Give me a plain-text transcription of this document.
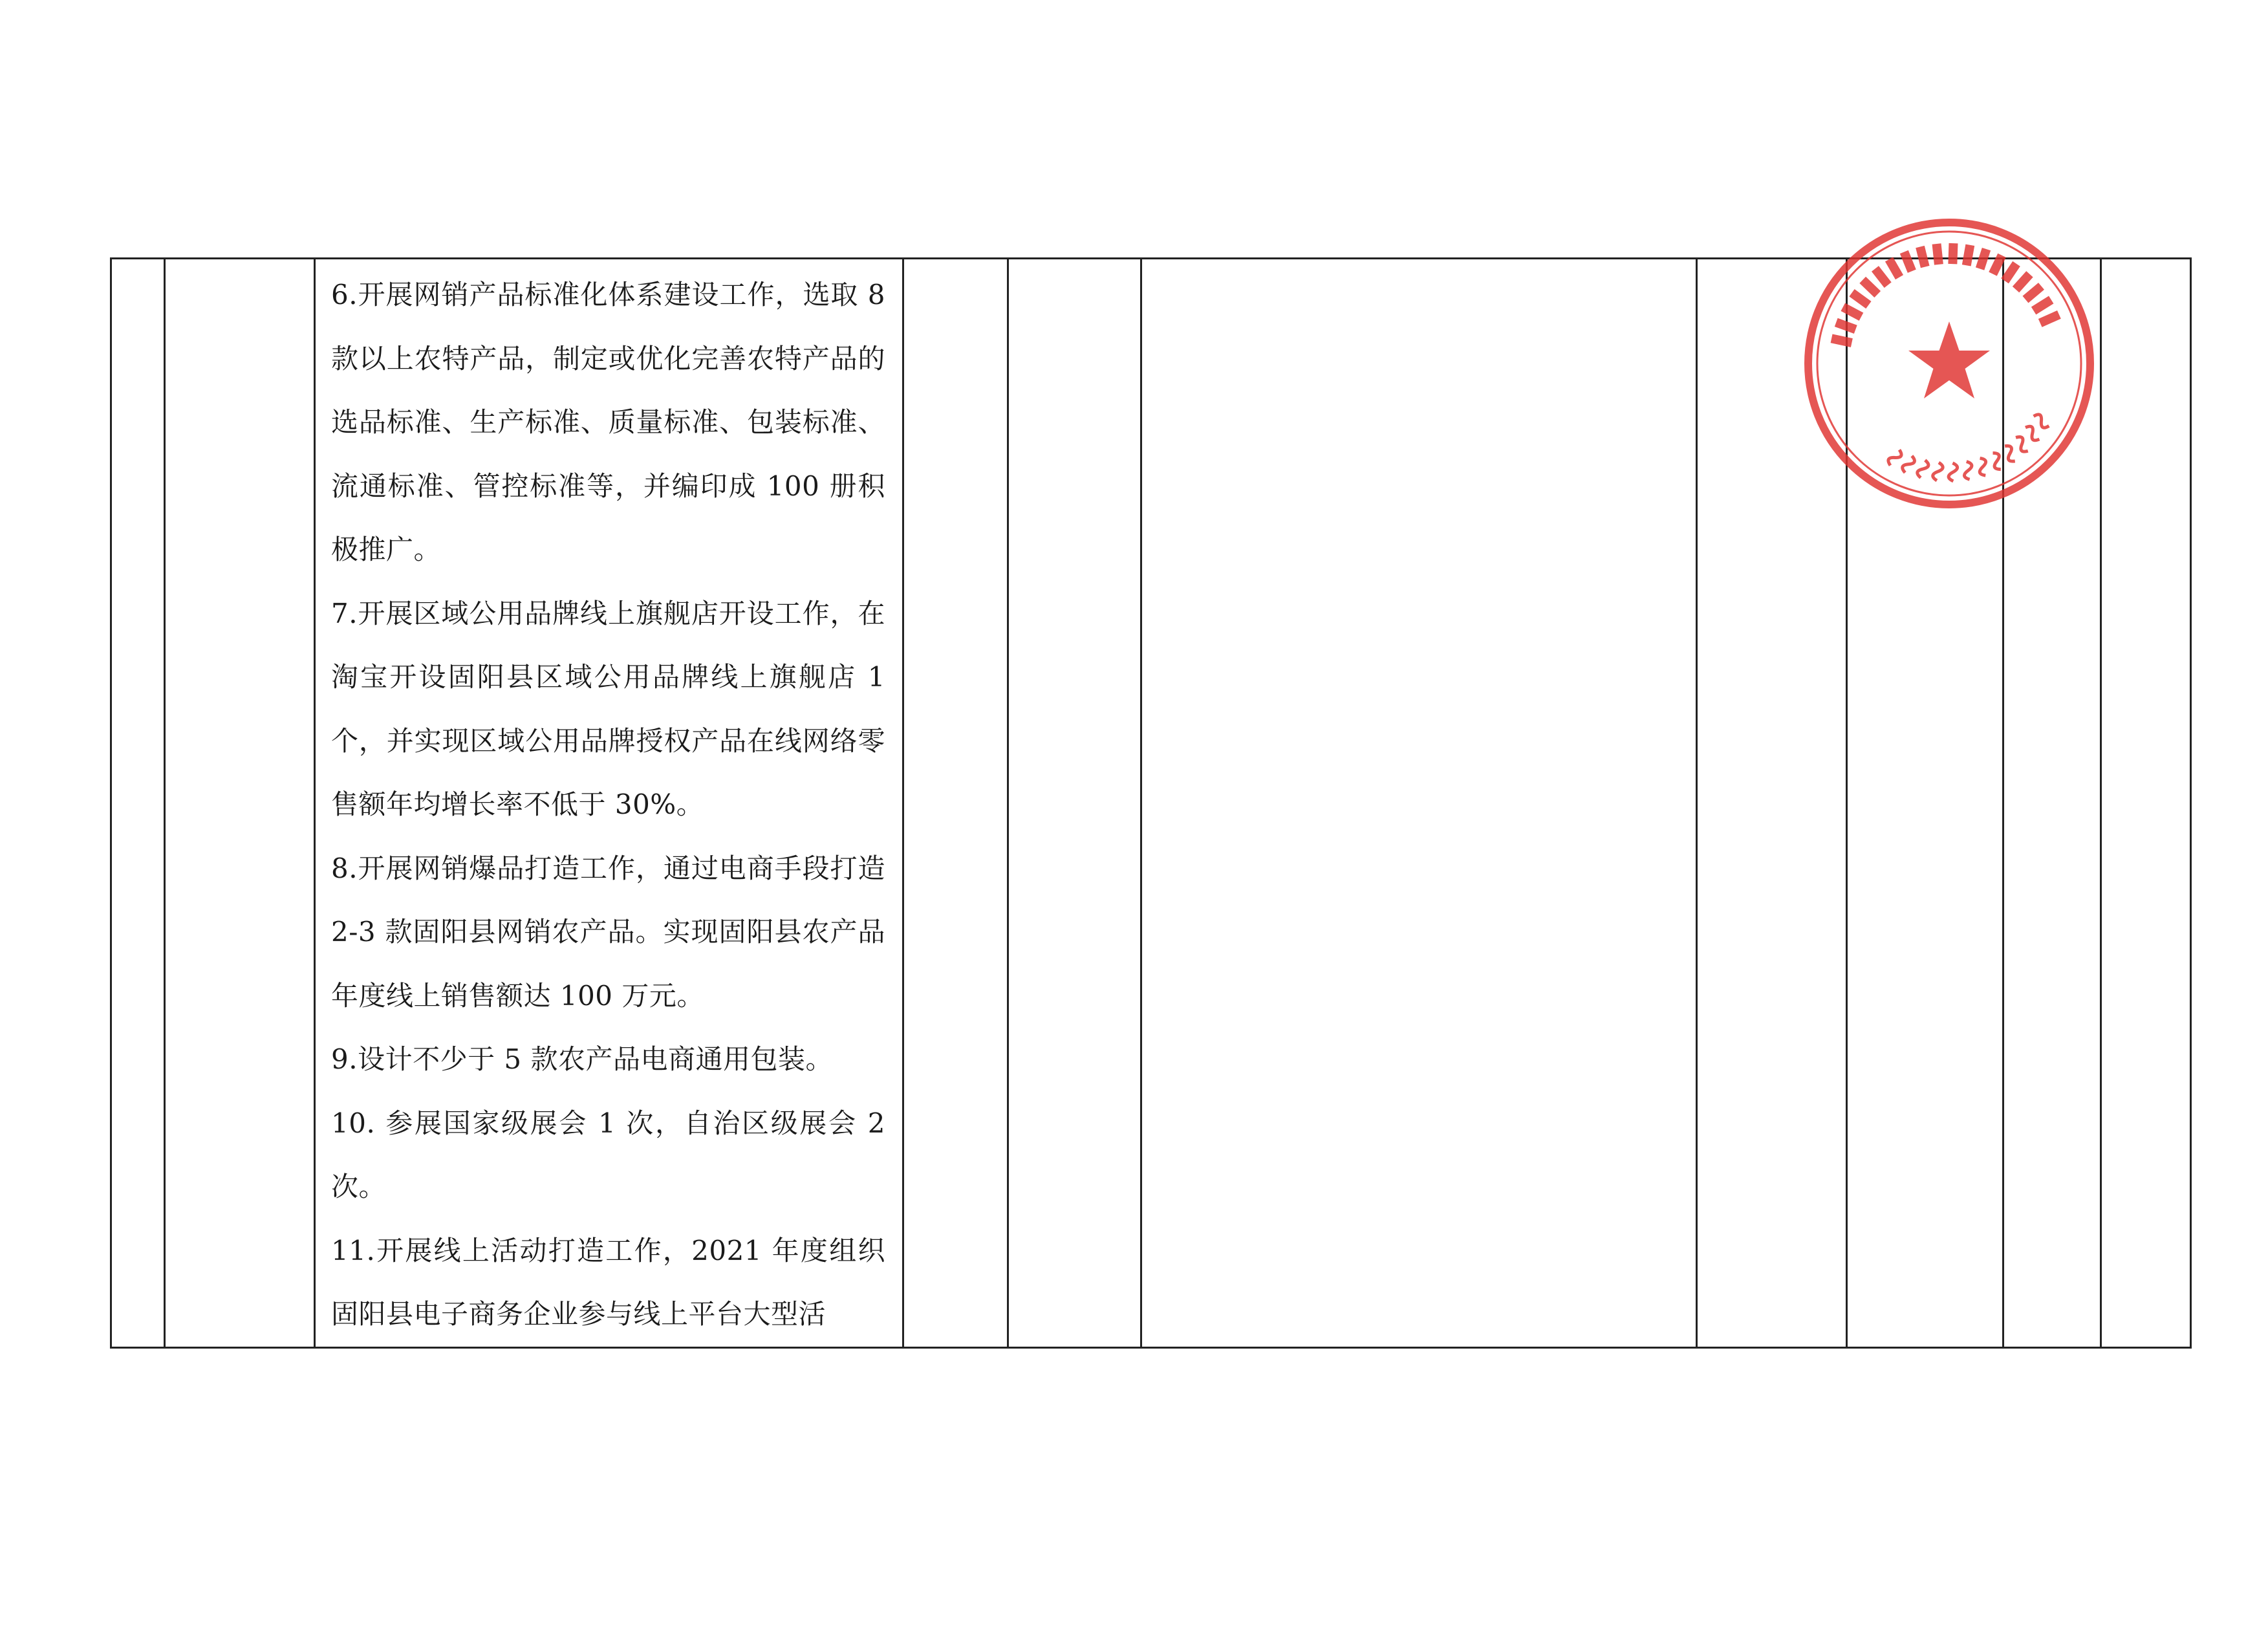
6.开展网销产品标准化体系建设工作，选取 8 款以上农特产品，制定或优化完善农特产品的选品标准、生产标准、质量标准、包装标准、流通标准、管控标准等，并编印成 100 册积极推广。
7.开展区域公用品牌线上旗舰店开设工作，在淘宝开设固阳县区域公用品牌线上旗舰店 1 个，并实现区域公用品牌授权产品在线网络零售额年均增长率不低于 30%。
8.开展网销爆品打造工作，通过电商手段打造 2-3 款固阳县网销农产品。实现固阳县农产品年度线上销售额达 100 万元。
9.设计不少于 5 款农产品电商通用包装。
10. 参展国家级展会 1 次，自治区级展会 2 次。
11.开展线上活动打造工作，2021 年度组织固阳县电子商务企业参与线上平台大型活
